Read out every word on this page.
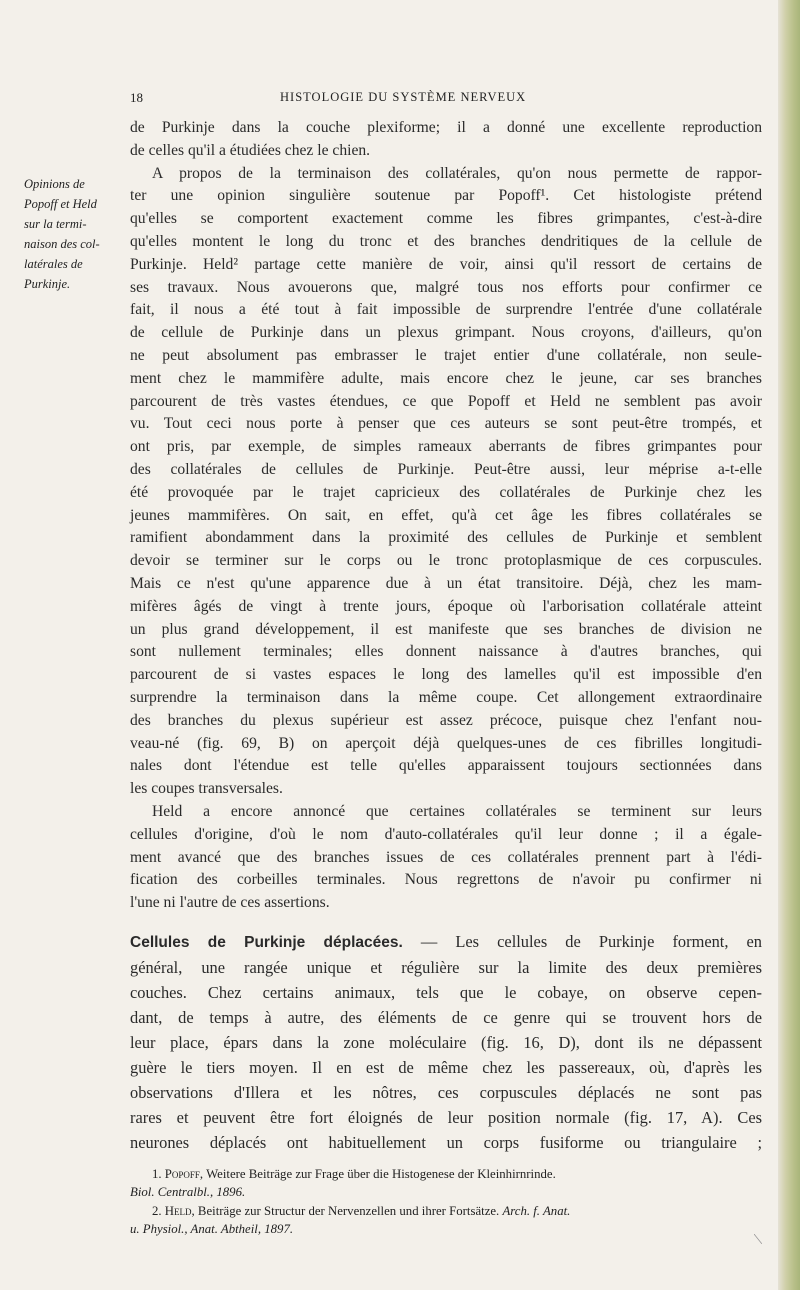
18	HISTOLOGIE DU SYSTÈME NERVEUX
Opinions de
Popoff et Held
sur la termi-
naison des col-
latérales de
Purkinje.
de Purkinje dans la couche plexiforme; il a donné une excellente reproduction
de celles qu'il a étudiées chez le chien.
A propos de la terminaison des collatérales, qu'on nous permette de rappor-
ter une opinion singulière soutenue par Popoff¹. Cet histologiste prétend
qu'elles se comportent exactement comme les fibres grimpantes, c'est-à-dire
qu'elles montent le long du tronc et des branches dendritiques de la cellule de
Purkinje. Held² partage cette manière de voir, ainsi qu'il ressort de certains de
ses travaux. Nous avouerons que, malgré tous nos efforts pour confirmer ce
fait, il nous a été tout à fait impossible de surprendre l'entrée d'une collatérale
de cellule de Purkinje dans un plexus grimpant. Nous croyons, d'ailleurs, qu'on
ne peut absolument pas embrasser le trajet entier d'une collatérale, non seule-
ment chez le mammifère adulte, mais encore chez le jeune, car ses branches
parcourent de très vastes étendues, ce que Popoff et Held ne semblent pas avoir
vu. Tout ceci nous porte à penser que ces auteurs se sont peut-être trompés, et
ont pris, par exemple, de simples rameaux aberrants de fibres grimpantes pour
des collatérales de cellules de Purkinje. Peut-être aussi, leur méprise a-t-elle
été provoquée par le trajet capricieux des collatérales de Purkinje chez les
jeunes mammifères. On sait, en effet, qu'à cet âge les fibres collatérales se
ramifient abondamment dans la proximité des cellules de Purkinje et semblent
devoir se terminer sur le corps ou le tronc protoplasmique de ces corpuscules.
Mais ce n'est qu'une apparence due à un état transitoire. Déjà, chez les mam-
mifères âgés de vingt à trente jours, époque où l'arborisation collatérale atteint
un plus grand développement, il est manifeste que ses branches de division ne
sont nullement terminales; elles donnent naissance à d'autres branches, qui
parcourent de si vastes espaces le long des lamelles qu'il est impossible d'en
surprendre la terminaison dans la même coupe. Cet allongement extraordinaire
des branches du plexus supérieur est assez précoce, puisque chez l'enfant nou-
veau-né (fig. 69, B) on aperçoit déjà quelques-unes de ces fibrilles longitudi-
nales dont l'étendue est telle qu'elles apparaissent toujours sectionnées dans
les coupes transversales.
Held a encore annoncé que certaines collatérales se terminent sur leurs
cellules d'origine, d'où le nom d'auto-collatérales qu'il leur donne ; il a égale-
ment avancé que des branches issues de ces collatérales prennent part à l'édi-
fication des corbeilles terminales. Nous regrettons de n'avoir pu confirmer ni
l'une ni l'autre de ces assertions.
Cellules de Purkinje déplacées. — Les cellules de Purkinje forment, en
général, une rangée unique et régulière sur la limite des deux premières
couches. Chez certains animaux, tels que le cobaye, on observe cepen-
dant, de temps à autre, des éléments de ce genre qui se trouvent hors de
leur place, épars dans la zone moléculaire (fig. 16, D), dont ils ne dépassent
guère le tiers moyen. Il en est de même chez les passereaux, où, d'après les
observations d'Illera et les nôtres, ces corpuscules déplacés ne sont pas
rares et peuvent être fort éloignés de leur position normale (fig. 17, A). Ces
neurones déplacés ont habituellement un corps fusiforme ou triangulaire ;

1. Popoff, Weitere Beiträge zur Frage über die Histogenese der Kleinhirnrinde.

Biol. Centralbl., 1896.

2. Held, Beiträge zur Structur der Nervenzellen und ihrer Fortsätze. Arch. f. Anat.

u. Physiol., Anat. Abtheil, 1897.
